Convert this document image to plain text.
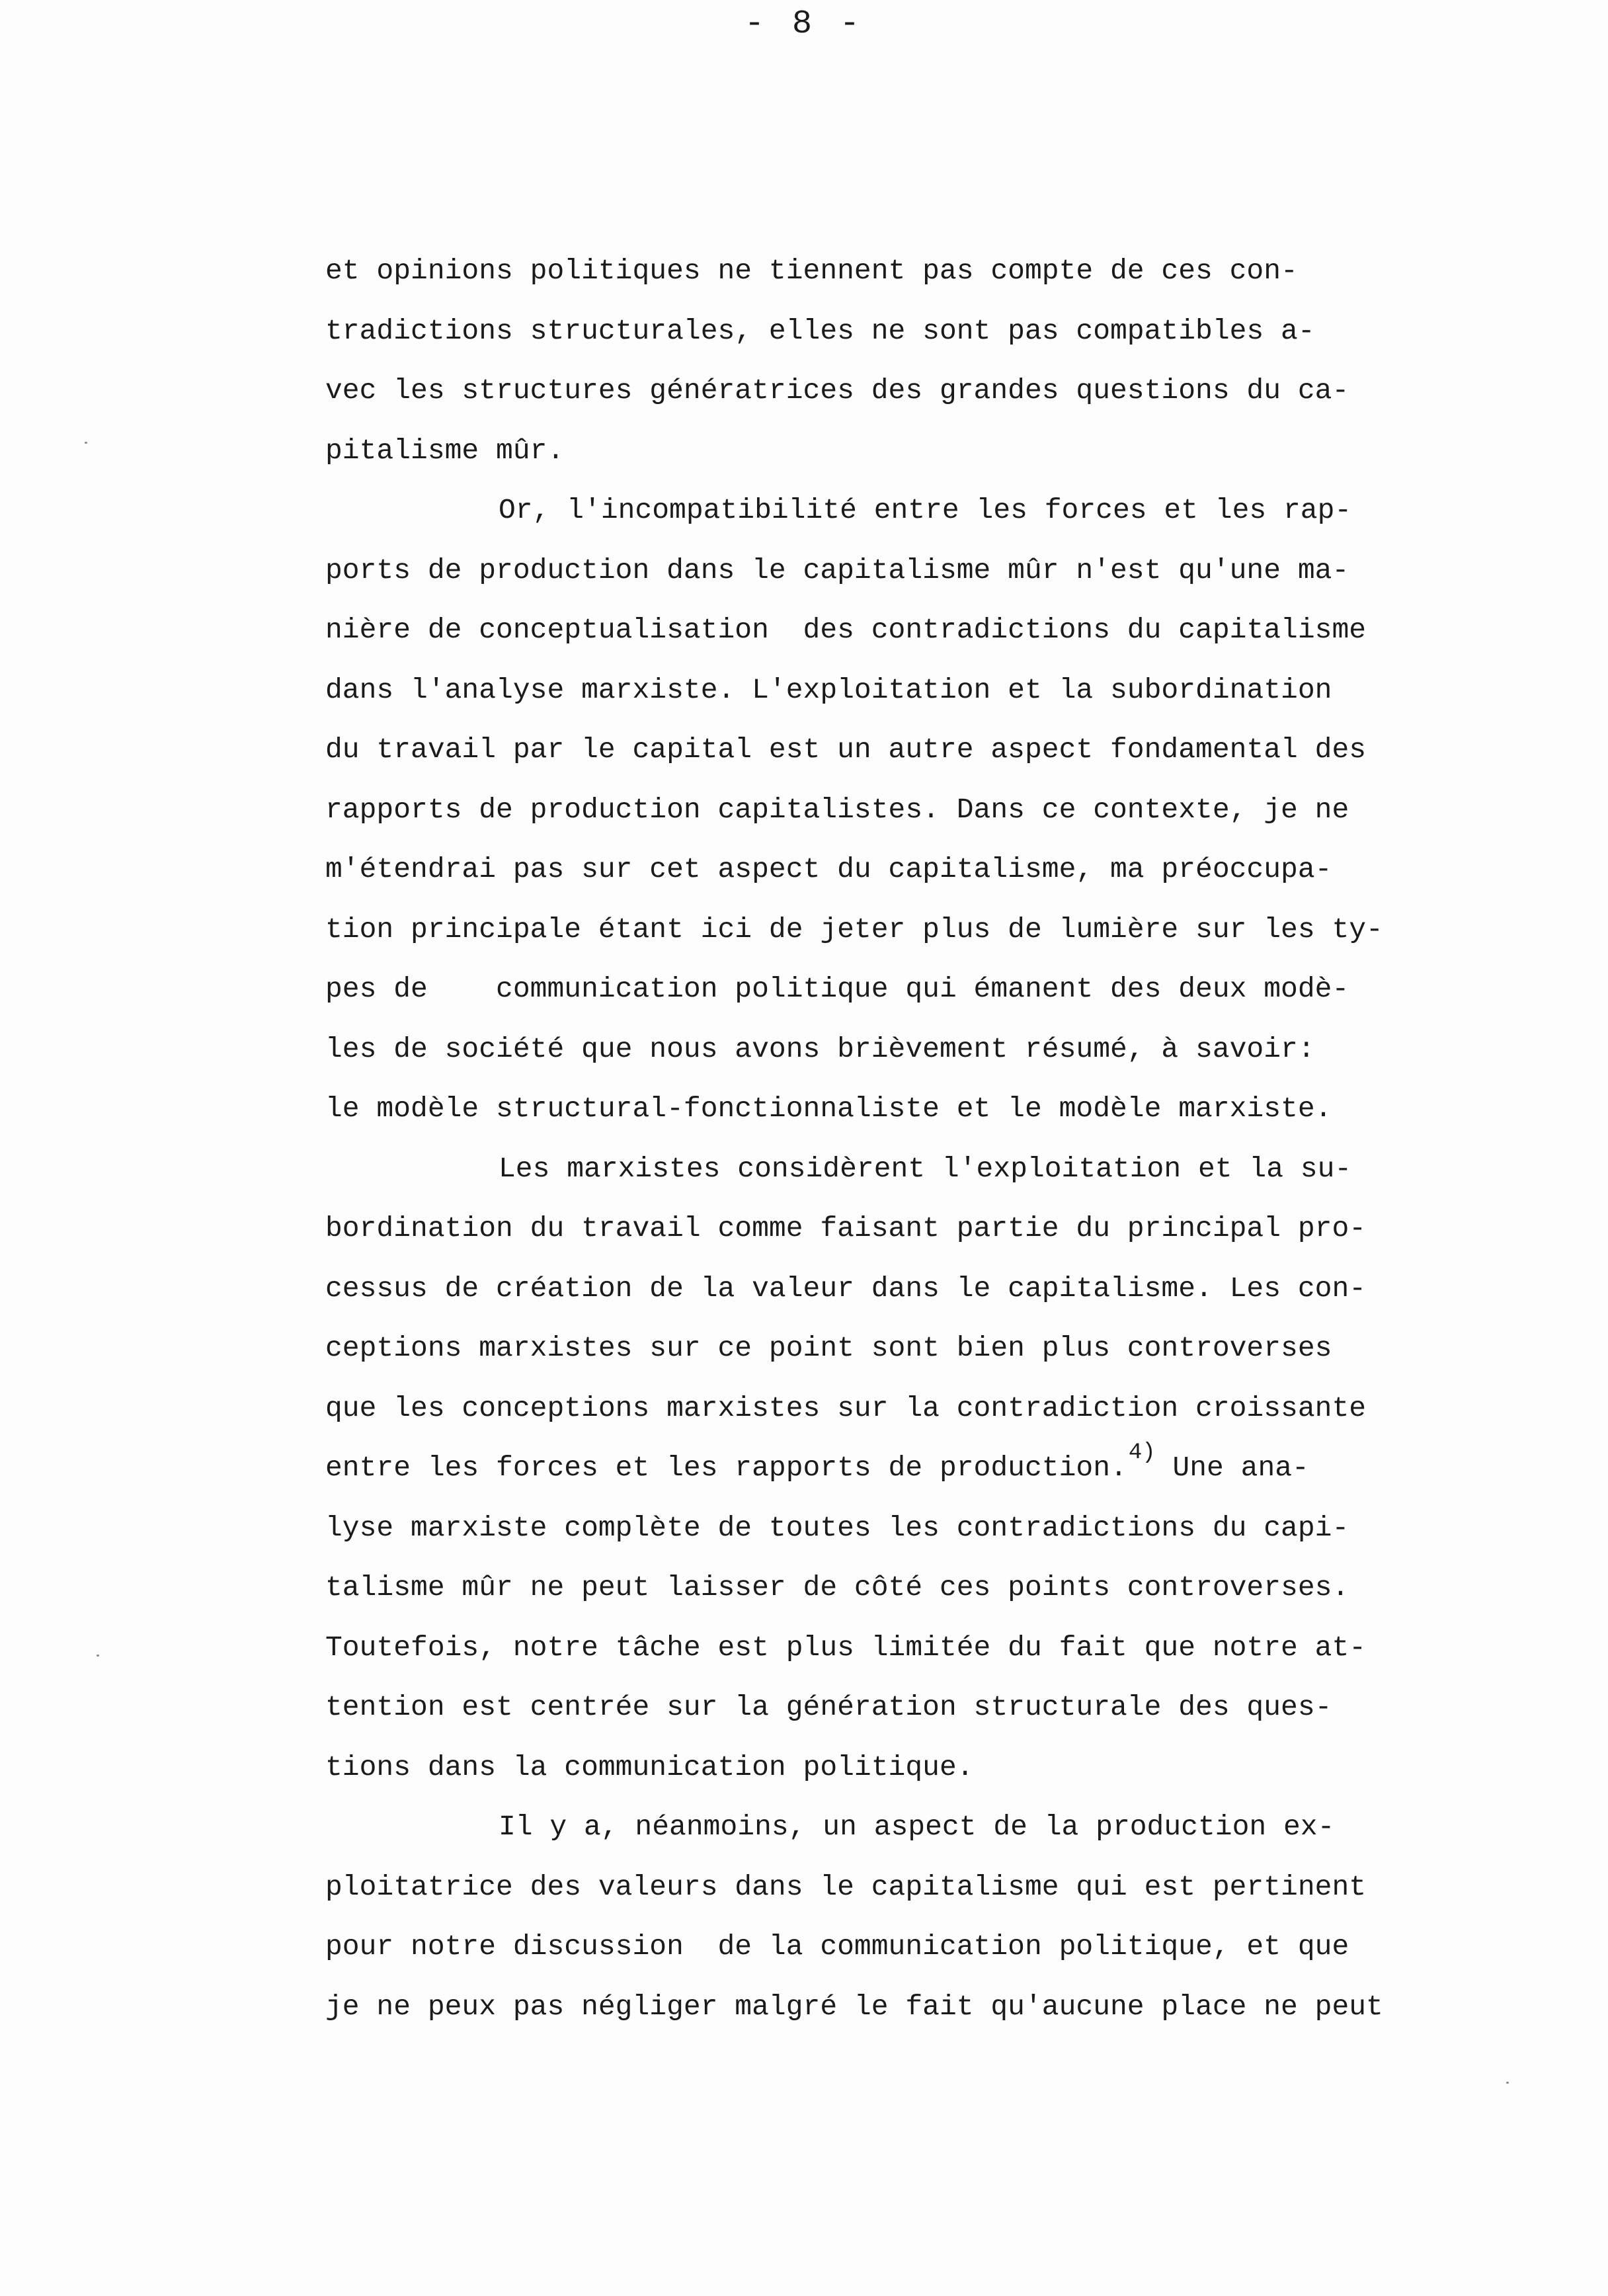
- 8 -
et opinions politiques ne tiennent pas compte de ces con-
tradictions structurales, elles ne sont pas compatibles a-
vec les structures génératrices des grandes questions du ca-
pitalisme mûr.
Or, l'incompatibilité entre les forces et les rap-
ports de production dans le capitalisme mûr n'est qu'une ma-
nière de conceptualisation  des contradictions du capitalisme
dans l'analyse marxiste. L'exploitation et la subordination
du travail par le capital est un autre aspect fondamental des
rapports de production capitalistes. Dans ce contexte, je ne
m'étendrai pas sur cet aspect du capitalisme, ma préoccupa-
tion principale étant ici de jeter plus de lumière sur les ty-
pes de    communication politique qui émanent des deux modè-
les de société que nous avons brièvement résumé, à savoir:
le modèle structural-fonctionnaliste et le modèle marxiste.
Les marxistes considèrent l'exploitation et la su-
bordination du travail comme faisant partie du principal pro-
cessus de création de la valeur dans le capitalisme. Les con-
ceptions marxistes sur ce point sont bien plus controverses
que les conceptions marxistes sur la contradiction croissante
entre les forces et les rapports de production.$^{4)}$ Une ana-
lyse marxiste complète de toutes les contradictions du capi-
talisme mûr ne peut laisser de côté ces points controverses.
Toutefois, notre tâche est plus limitée du fait que notre at-
tention est centrée sur la génération structurale des ques-
tions dans la communication politique.
Il y a, néanmoins, un aspect de la production ex-
ploitatrice des valeurs dans le capitalisme qui est pertinent
pour notre discussion  de la communication politique, et que
je ne peux pas négliger malgré le fait qu'aucune place ne peut
